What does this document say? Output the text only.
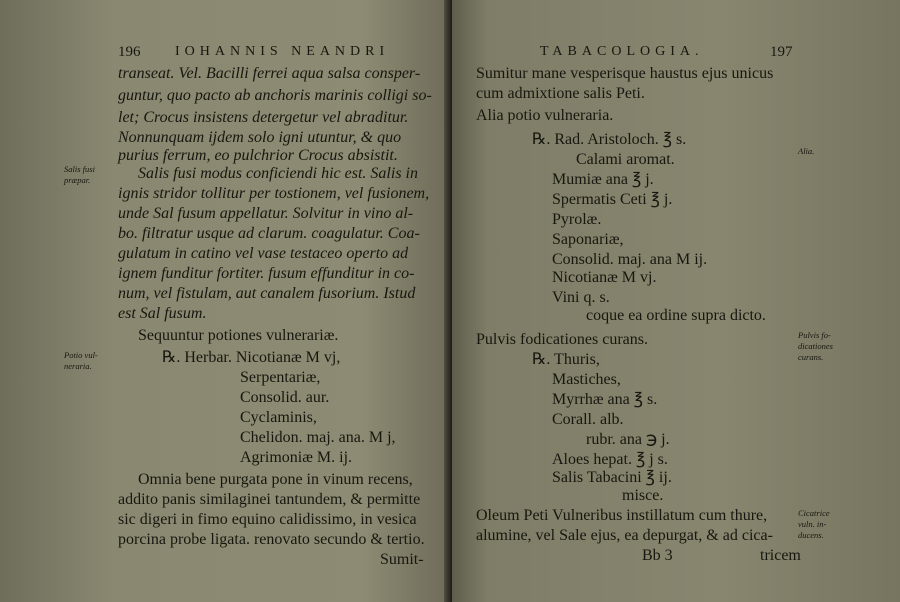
196 IOHANNIS NEANDRI
transeat. Vel. Bacilli ferrei aqua salsa consper-
guntur, quo pacto ab anchoris marinis colligi so-
let; Crocus insistens detergetur vel abraditur.
Nonnunquam ijdem solo igni utuntur, & quo
purius ferrum, eo pulchrior Crocus absistit.
Salis fusi modus conficiendi hic est. Salis in
ignis stridor tollitur per tostionem, vel fusionem,
unde Sal fusum appellatur. Solvitur in vino al-
bo. filtratur usque ad clarum. coagulatur. Coa-
gulatum in catino vel vase testaceo operto ad
ignem funditur fortiter. fusum effunditur in co-
num, vel fistulam, aut canalem fusorium. Istud
est Sal fusum.
Sequuntur potiones vulnerariæ.
℞. Herbar. Nicotianæ M vj,
Serpentariæ,
Consolid. aur.
Cyclaminis,
Chelidon. maj. ana. M j,
Agrimoniæ M. ij.
Omnia bene purgata pone in vinum recens,
addito panis similaginei tantundem, & permitte
sic digeri in fimo equino calidissimo, in vesica
porcina probe ligata. renovato secundo & tertio.
Sumit-
Salis fusi
præpar.
Potio vul-
neraria.
TABACOLOGIA.	197
Sumitur mane vesperisque haustus ejus unicus
cum admixtione salis Peti.
Alia potio vulneraria.
℞. Rad. Aristoloch. ℥ s.
Calami aromat.
Mumiæ ana ℥ j.
Spermatis Ceti ℥ j.
Pyrolæ.
Saponariæ,
Consolid. maj. ana M ij.
Nicotianæ M vj.
Vini q. s.
coque ea ordine supra dicto.
Pulvis fodicationes curans.
℞. Thuris,
Mastiches,
Myrrhæ ana ℥ s.
Corall. alb.
rubr. ana ℈ j.
Aloes hepat. ℥ j s.
Salis Tabacini ℥ ij.
misce.
Oleum Peti Vulneribus instillatum cum thure,
alumine, vel Sale ejus, ea depurgat, & ad cica-
Bb 3	tricem
Alia.
Pulvis fo-
dicationes
curans.
Cicatrice
vuln. in-
ducens.
